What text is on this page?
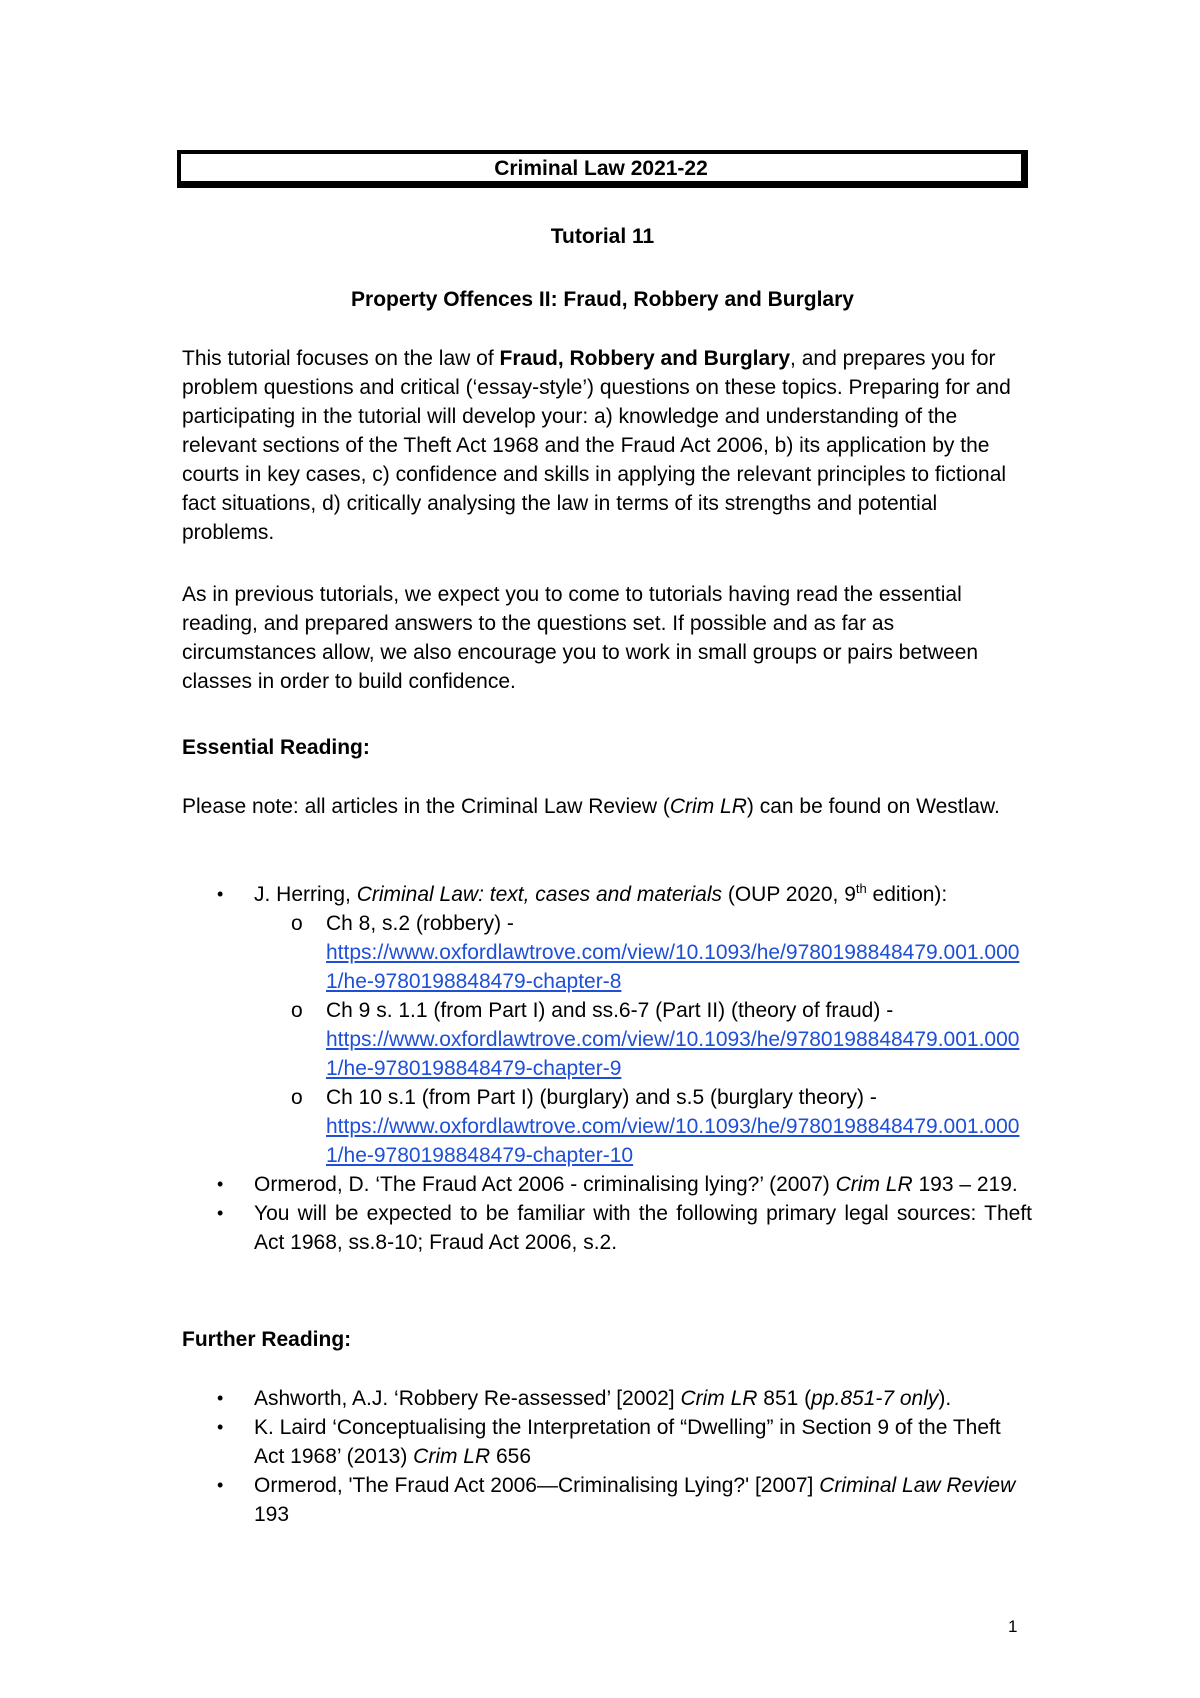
Criminal Law 2021-22
Tutorial 11
Property Offences II: Fraud, Robbery and Burglary

This tutorial focuses on the law of Fraud, Robbery and Burglary, and prepares you for problem questions and critical (‘essay-style’) questions on these topics. Preparing for and participating in the tutorial will develop your: a) knowledge and understanding of the relevant sections of the Theft Act 1968 and the Fraud Act 2006, b) its application by the courts in key cases, c) confidence and skills in applying the relevant principles to fictional fact situations, d) critically analysing the law in terms of its strengths and potential problems.

As in previous tutorials, we expect you to come to tutorials having read the essential reading, and prepared answers to the questions set. If possible and as far as circumstances allow, we also encourage you to work in small groups or pairs between classes in order to build confidence.

Essential Reading:

Please note: all articles in the Criminal Law Review (Crim LR) can be found on Westlaw.

• J. Herring, Criminal Law: text, cases and materials (OUP 2020, 9th edition):
o Ch 8, s.2 (robbery) -
https://www.oxfordlawtrove.com/view/10.1093/he/9780198848479.001.0001/he-9780198848479-chapter-8
o Ch 9 s. 1.1 (from Part I) and ss.6-7 (Part II) (theory of fraud) -
https://www.oxfordlawtrove.com/view/10.1093/he/9780198848479.001.0001/he-9780198848479-chapter-9
o Ch 10 s.1 (from Part I) (burglary) and s.5 (burglary theory) -
https://www.oxfordlawtrove.com/view/10.1093/he/9780198848479.001.0001/he-9780198848479-chapter-10
• Ormerod, D. ‘The Fraud Act 2006 - criminalising lying?’ (2007) Crim LR 193 – 219.
• You will be expected to be familiar with the following primary legal sources: Theft Act 1968, ss.8-10; Fraud Act 2006, s.2.

Further Reading:

• Ashworth, A.J. ‘Robbery Re-assessed’ [2002] Crim LR 851 (pp.851-7 only).
• K. Laird ‘Conceptualising the Interpretation of “Dwelling” in Section 9 of the Theft Act 1968’ (2013) Crim LR 656
• Ormerod, 'The Fraud Act 2006—Criminalising Lying?' [2007] Criminal Law Review 193
1
